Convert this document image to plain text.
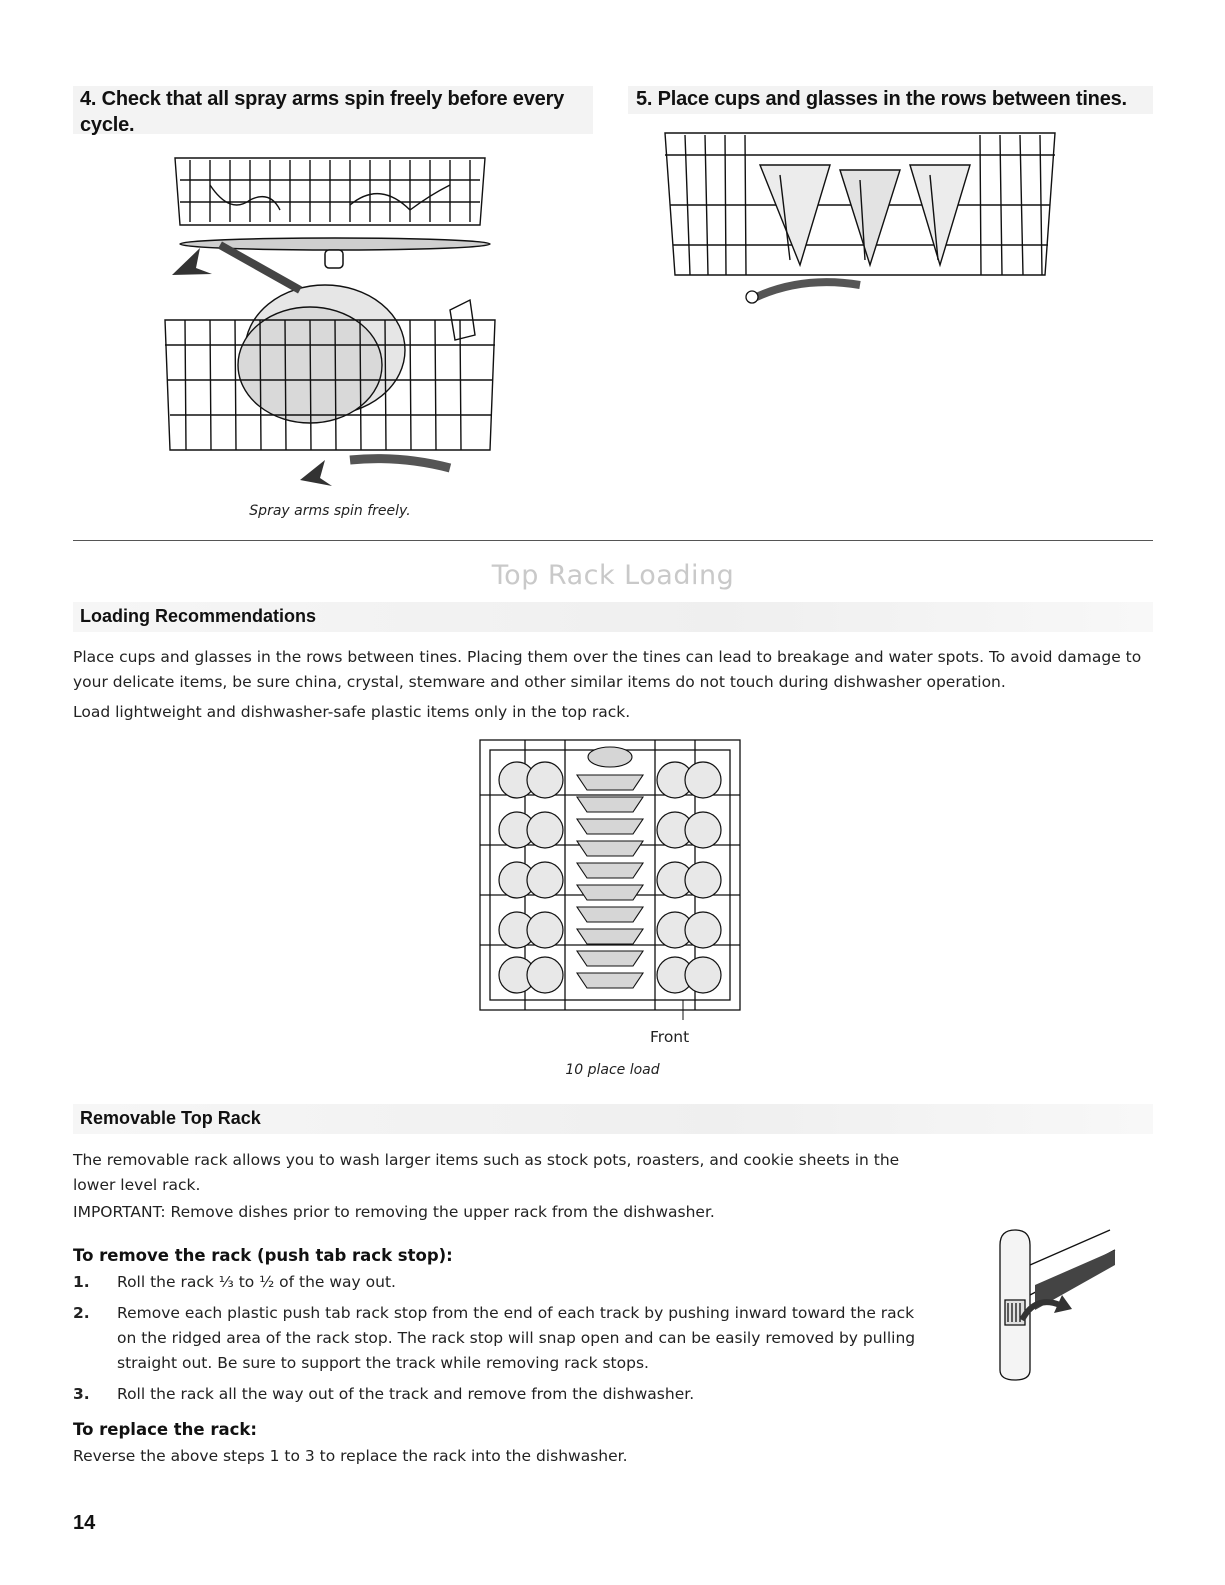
4. Check that all spray arms spin freely before every cycle.
Spray arms spin freely.
5. Place cups and glasses in the rows between tines.
Top Rack Loading
Loading Recommendations
Place cups and glasses in the rows between tines. Placing them over the tines can lead to breakage and water spots. To avoid damage to your delicate items, be sure china, crystal, stemware and other similar items do not touch during dishwasher operation.
Load lightweight and dishwasher-safe plastic items only in the top rack.
Front
10 place load
Removable Top Rack
The removable rack allows you to wash larger items such as stock pots, roasters, and cookie sheets in the lower level rack.
IMPORTANT: Remove dishes prior to removing the upper rack from the dishwasher.
To remove the rack (push tab rack stop):
1. Roll the rack ⅓ to ½ of the way out.
2. Remove each plastic push tab rack stop from the end of each track by pushing inward toward the rack on the ridged area of the rack stop. The rack stop will snap open and can be easily removed by pulling straight out. Be sure to support the track while removing rack stops.
3. Roll the rack all the way out of the track and remove from the dishwasher.
To replace the rack:
Reverse the above steps 1 to 3 to replace the rack into the dishwasher.
14
